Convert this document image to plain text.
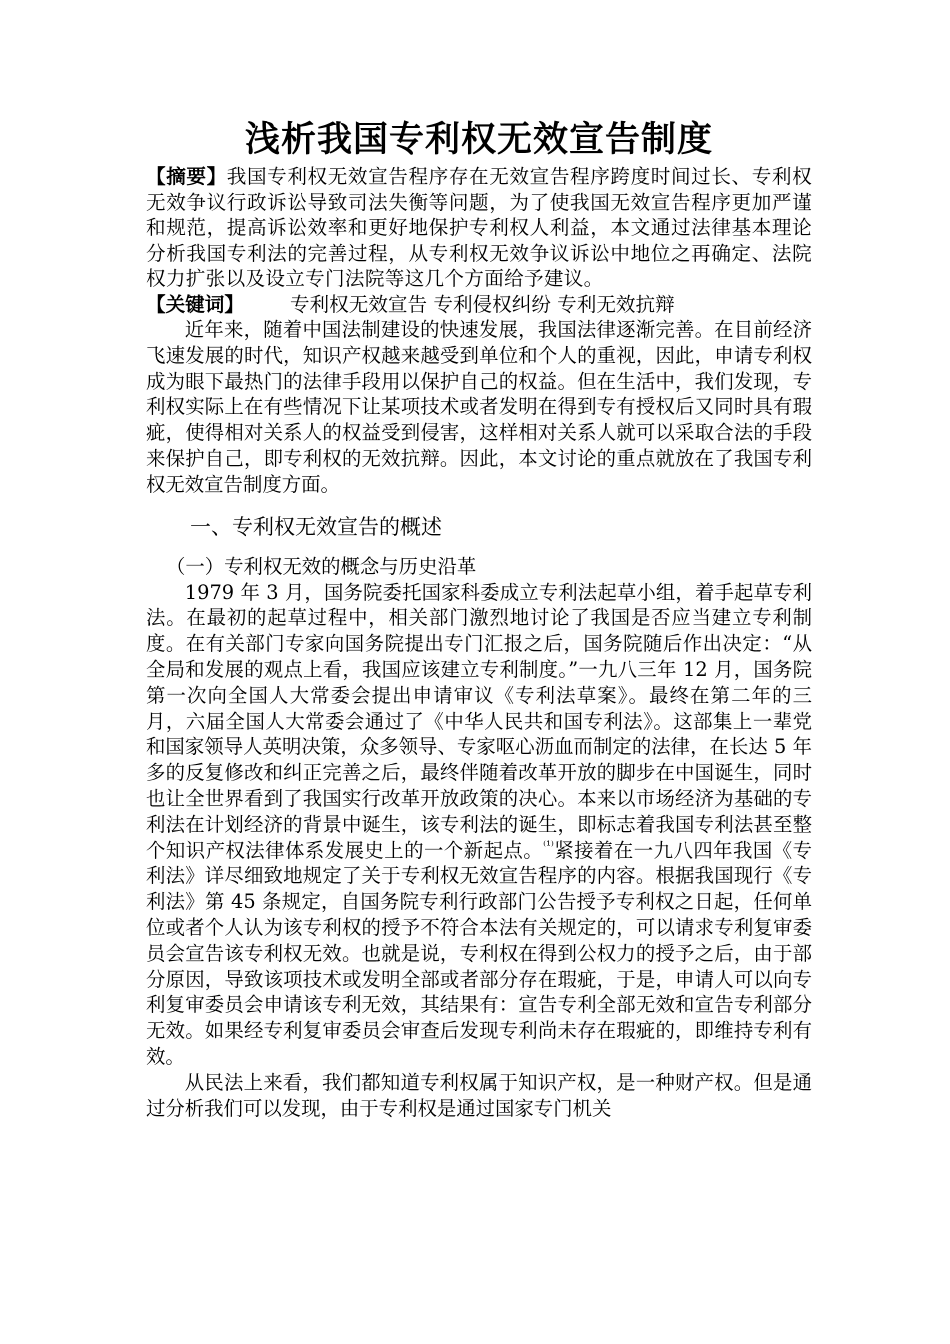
浅析我国专利权无效宣告制度

【摘要】我国专利权无效宣告程序存在无效宣告程序跨度时间过长、专利权无效争议行政诉讼导致司法失衡等问题，为了使我国无效宣告程序更加严谨和规范，提高诉讼效率和更好地保护专利权人利益，本文通过法律基本理论分析我国专利法的完善过程，从专利权无效争议诉讼中地位之再确定、法院权力扩张以及设立专门法院等这几个方面给予建议。

【关键词】 专利权无效宣告 专利侵权纠纷 专利无效抗辩

近年来，随着中国法制建设的快速发展，我国法律逐渐完善。在目前经济飞速发展的时代，知识产权越来越受到单位和个人的重视，因此，申请专利权成为眼下最热门的法律手段用以保护自己的权益。但在生活中，我们发现，专利权实际上在有些情况下让某项技术或者发明在得到专有授权后又同时具有瑕疵，使得相对关系人的权益受到侵害，这样相对关系人就可以采取合法的手段来保护自己，即专利权的无效抗辩。因此，本文讨论的重点就放在了我国专利权无效宣告制度方面。

一、专利权无效宣告的概述
（一）专利权无效的概念与历史沿革

1979 年 3 月，国务院委托国家科委成立专利法起草小组，着手起草专利法。在最初的起草过程中，相关部门激烈地讨论了我国是否应当建立专利制度。在有关部门专家向国务院提出专门汇报之后，国务院随后作出决定：“从全局和发展的观点上看，我国应该建立专利制度。”一九八三年 12 月，国务院第一次向全国人大常委会提出申请审议《专利法草案》。最终在第二年的三月，六届全国人大常委会通过了《中华人民共和国专利法》。这部集上一辈党和国家领导人英明决策，众多领导、专家呕心沥血而制定的法律，在长达 5 年多的反复修改和纠正完善之后，最终伴随着改革开放的脚步在中国诞生，同时也让全世界看到了我国实行改革开放政策的决心。本来以市场经济为基础的专利法在计划经济的背景中诞生，该专利法的诞生，即标志着我国专利法甚至整个知识产权法律体系发展史上的一个新起点。$^{^{(1)}}$紧接着在一九八四年我国《专利法》详尽细致地规定了关于专利权无效宣告程序的内容。根据我国现行《专利法》第 45 条规定，自国务院专利行政部门公告授予专利权之日起，任何单位或者个人认为该专利权的授予不符合本法有关规定的，可以请求专利复审委员会宣告该专利权无效。也就是说，专利权在得到公权力的授予之后，由于部分原因，导致该项技术或发明全部或者部分存在瑕疵，于是，申请人可以向专利复审委员会申请该专利无效，其结果有：宣告专利全部无效和宣告专利部分无效。如果经专利复审委员会审查后发现专利尚未存在瑕疵的，即维持专利有效。

从民法上来看，我们都知道专利权属于知识产权，是一种财产权。但是通过分析我们可以发现，由于专利权是通过国家专门机关
